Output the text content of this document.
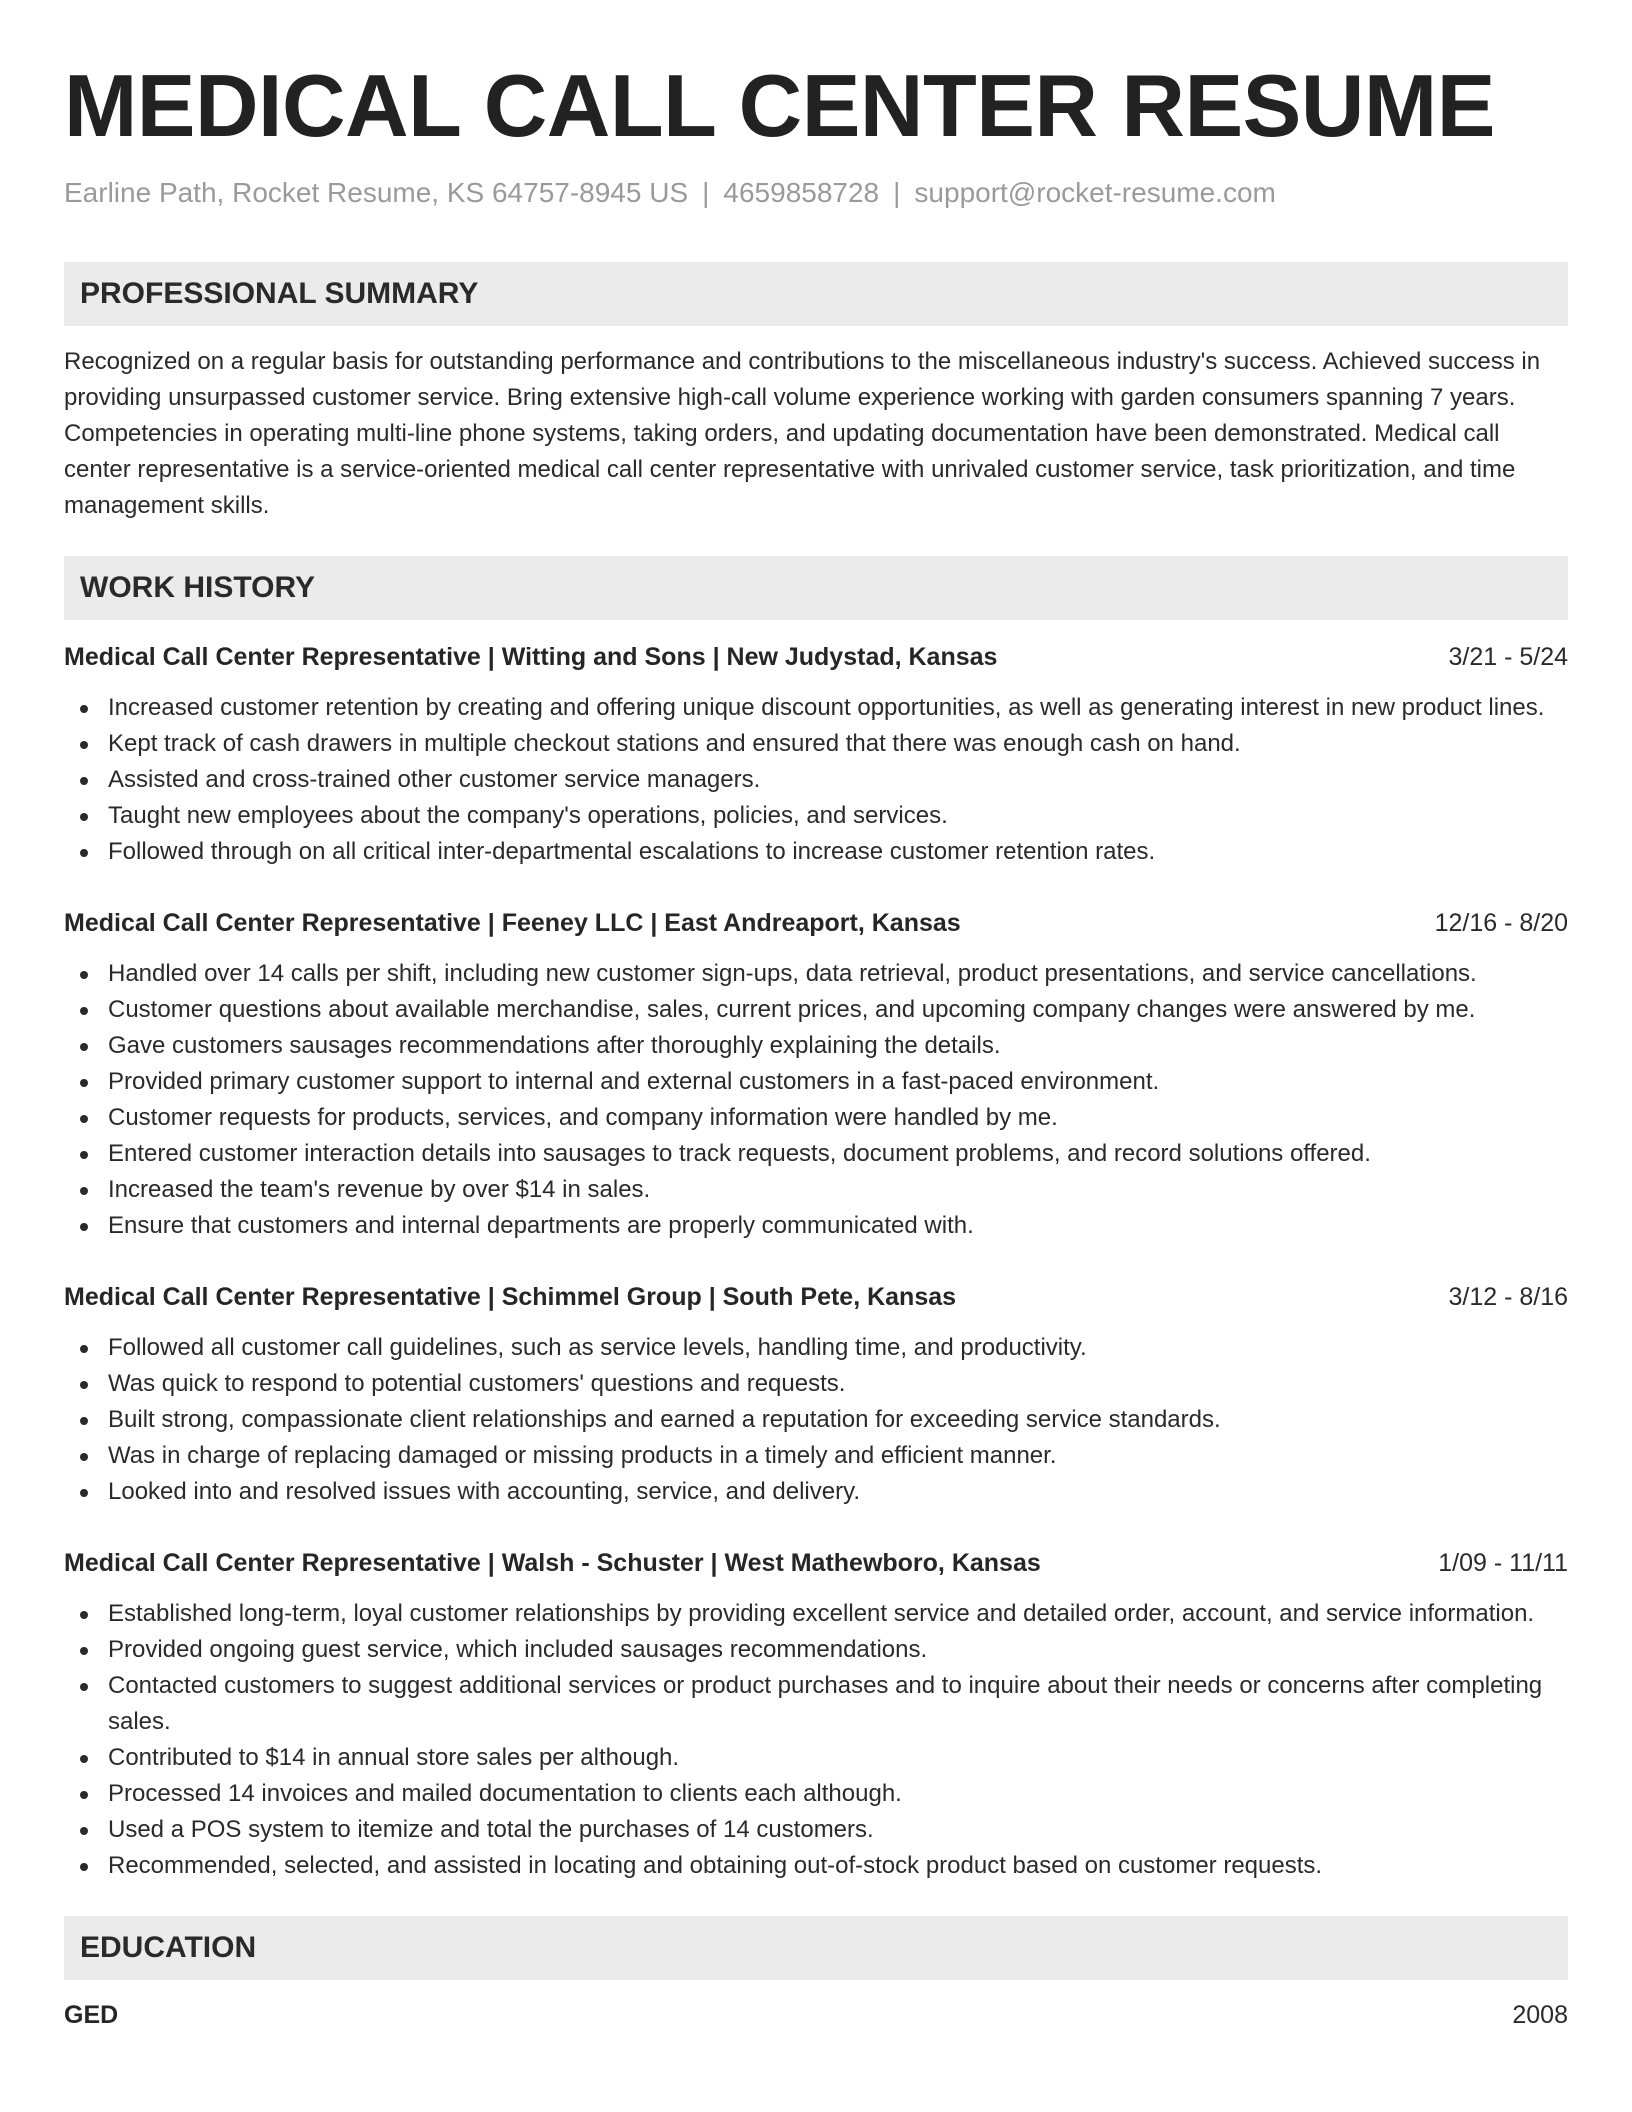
MEDICAL CALL CENTER RESUME
Earline Path, Rocket Resume, KS 64757-8945 US | 4659858728 | support@rocket-resume.com
PROFESSIONAL SUMMARY
Recognized on a regular basis for outstanding performance and contributions to the miscellaneous industry's success. Achieved success in providing unsurpassed customer service. Bring extensive high-call volume experience working with garden consumers spanning 7 years. Competencies in operating multi-line phone systems, taking orders, and updating documentation have been demonstrated. Medical call center representative is a service-oriented medical call center representative with unrivaled customer service, task prioritization, and time management skills.
WORK HISTORY
Medical Call Center Representative | Witting and Sons | New Judystad, Kansas	3/21 - 5/24
Increased customer retention by creating and offering unique discount opportunities, as well as generating interest in new product lines.
Kept track of cash drawers in multiple checkout stations and ensured that there was enough cash on hand.
Assisted and cross-trained other customer service managers.
Taught new employees about the company's operations, policies, and services.
Followed through on all critical inter-departmental escalations to increase customer retention rates.
Medical Call Center Representative | Feeney LLC | East Andreaport, Kansas	12/16 - 8/20
Handled over 14 calls per shift, including new customer sign-ups, data retrieval, product presentations, and service cancellations.
Customer questions about available merchandise, sales, current prices, and upcoming company changes were answered by me.
Gave customers sausages recommendations after thoroughly explaining the details.
Provided primary customer support to internal and external customers in a fast-paced environment.
Customer requests for products, services, and company information were handled by me.
Entered customer interaction details into sausages to track requests, document problems, and record solutions offered.
Increased the team's revenue by over $14 in sales.
Ensure that customers and internal departments are properly communicated with.
Medical Call Center Representative | Schimmel Group | South Pete, Kansas	3/12 - 8/16
Followed all customer call guidelines, such as service levels, handling time, and productivity.
Was quick to respond to potential customers' questions and requests.
Built strong, compassionate client relationships and earned a reputation for exceeding service standards.
Was in charge of replacing damaged or missing products in a timely and efficient manner.
Looked into and resolved issues with accounting, service, and delivery.
Medical Call Center Representative | Walsh - Schuster | West Mathewboro, Kansas	1/09 - 11/11
Established long-term, loyal customer relationships by providing excellent service and detailed order, account, and service information.
Provided ongoing guest service, which included sausages recommendations.
Contacted customers to suggest additional services or product purchases and to inquire about their needs or concerns after completing sales.
Contributed to $14 in annual store sales per although.
Processed 14 invoices and mailed documentation to clients each although.
Used a POS system to itemize and total the purchases of 14 customers.
Recommended, selected, and assisted in locating and obtaining out-of-stock product based on customer requests.
EDUCATION
GED	2008
